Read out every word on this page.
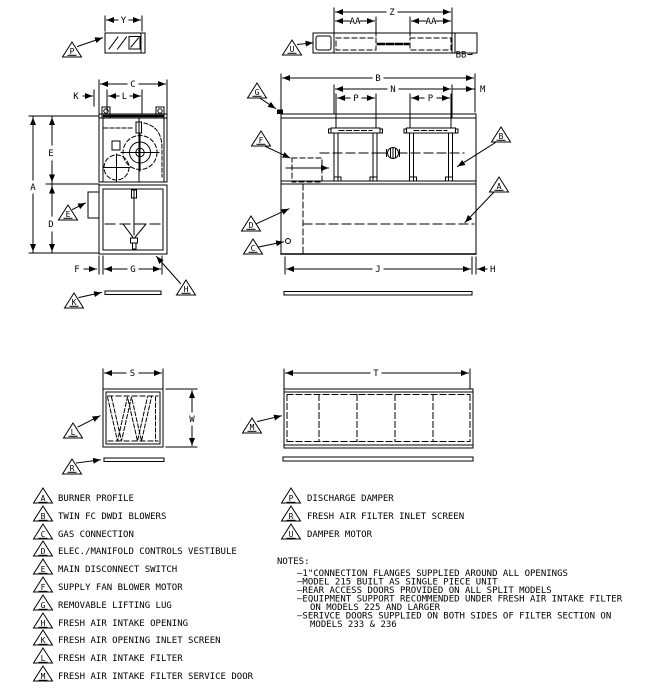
Y
P
Z
AA	AA
BB
U
B
N	M
P	P
J	H
G
F	B
A
D
C
C
K	L
A
E
D
F	G
E
H
K
S
W
L
R
T
M
A BURNER PROFILE
B TWIN FC DWDI BLOWERS
C GAS CONNECTION
D ELEC./MANIFOLD CONTROLS VESTIBULE
E MAIN DISCONNECT SWITCH
F SUPPLY FAN BLOWER MOTOR
G REMOVABLE LIFTING LUG
H FRESH AIR INTAKE OPENING
K FRESH AIR OPENING INLET SCREEN
L FRESH AIR INTAKE FILTER
M FRESH AIR INTAKE FILTER SERVICE DOOR
P DISCHARGE DAMPER
R FRESH AIR FILTER INLET SCREEN
U DAMPER MOTOR
NOTES:
—1"CONNECTION FLANGES SUPPLIED AROUND ALL OPENINGS
—MODEL 215 BUILT AS SINGLE PIECE UNIT
—REAR ACCESS DOORS PROVIDED ON ALL SPLIT MODELS
—EQUIPMENT SUPPORT RECOMMENDED UNDER FRESH AIR INTAKE FILTER
ON MODELS 225 AND LARGER
—SERIVCE DOORS SUPPLIED ON BOTH SIDES OF FILTER SECTION ON
MODELS 233 & 236
